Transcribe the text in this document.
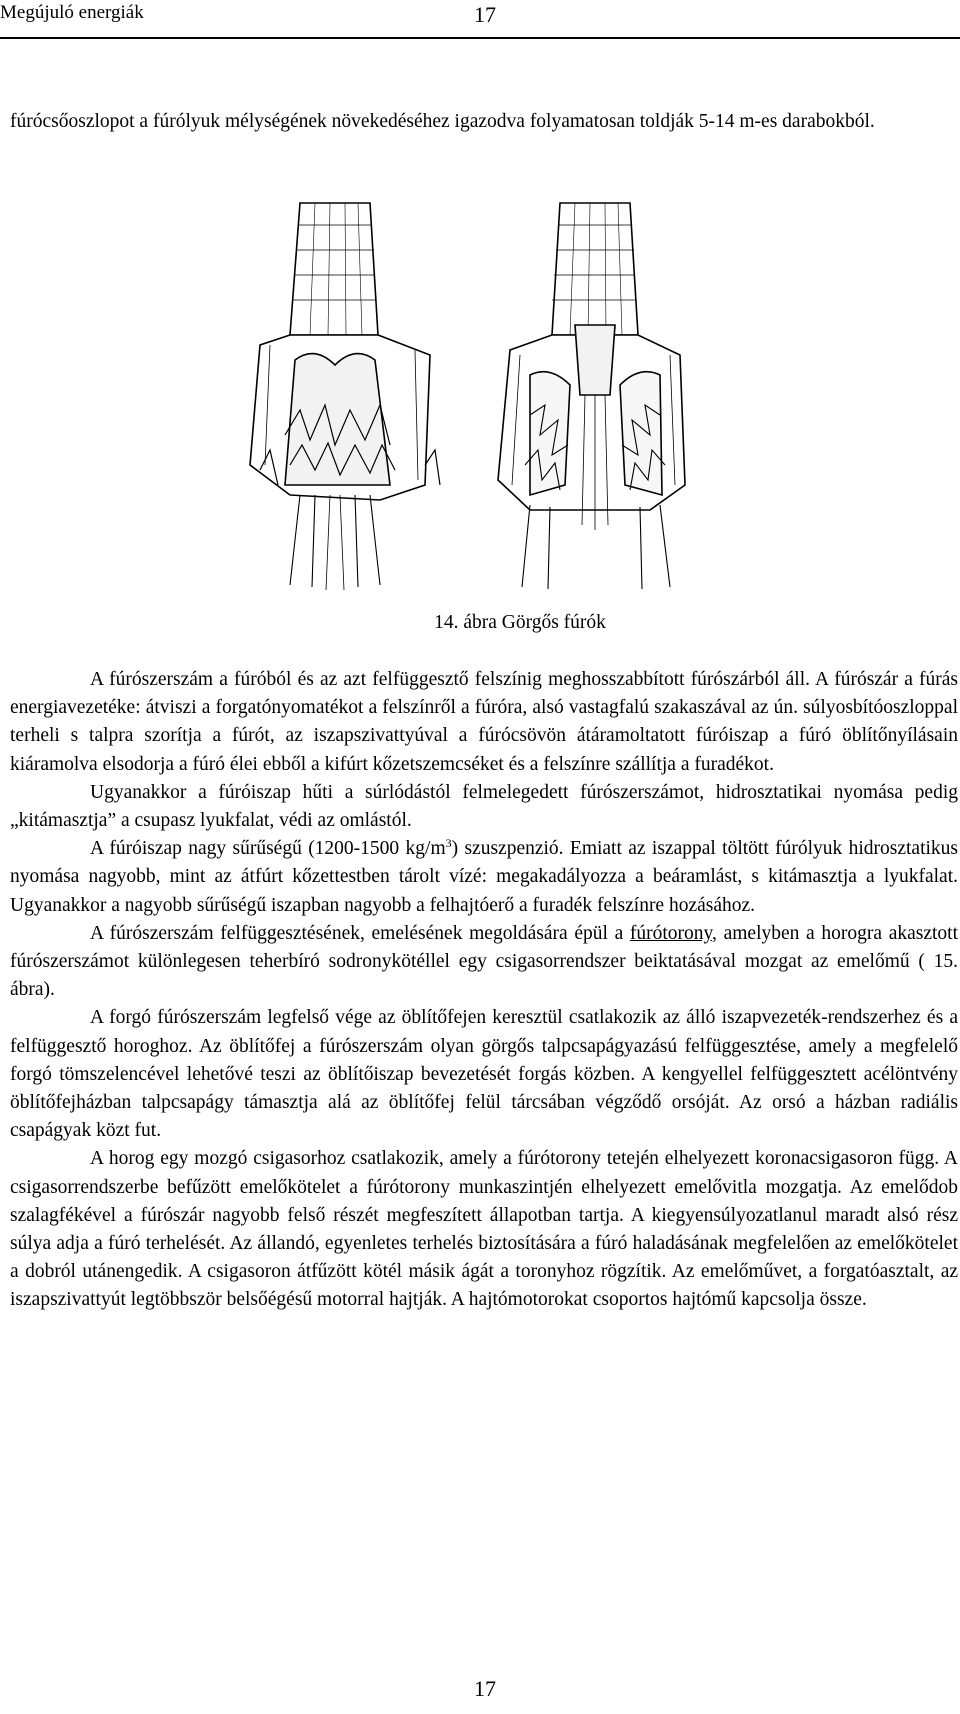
Megújuló energiák	17

fúrócsőoszlopot a fúrólyuk mélységének növekedéséhez igazodva folyamatosan toldják 5-14 m-es darabokból.

14. ábra Görgős fúrók

A fúrószerszám a fúróból és az azt felfüggesztő felszínig meghosszabbított fúrószárból áll. A fúrószár a fúrás energiavezetéke: átviszi a forgatónyomatékot a felszínről a fúróra, alsó vastagfalú szakaszával az ún. súlyosbítóoszloppal terheli s talpra szorítja a fúrót, az iszapszivattyúval a fúrócsövön átáramoltatott fúróiszap a fúró öblítőnyílásain kiáramolva elsodorja a fúró élei ebből a kifúrt kőzetszemcséket és a felszínre szállítja a furadékot.

Ugyanakkor a fúróiszap hűti a súrlódástól felmelegedett fúrószerszámot, hidrosztatikai nyomása pedig „kitámasztja” a csupasz lyukfalat, védi az omlástól.

A fúróiszap nagy sűrűségű (1200-1500 $kg/m^3$) szuszpenzió. Emiatt az iszappal töltött fúrólyuk hidrosztatikus nyomása nagyobb, mint az átfúrt kőzettestben tárolt vízé: megakadályozza a beáramlást, s kitámasztja a lyukfalat. Ugyanakkor a nagyobb sűrűségű iszapban nagyobb a felhajtóerő a furadék felszínre hozásához.

A fúrószerszám felfüggesztésének, emelésének megoldására épül a fúrótorony, amelyben a horogra akasztott fúrószerszámot különlegesen teherbíró sodronykötéllel egy csigasorrendszer beiktatásával mozgat az emelőmű ( 15. ábra).

A forgó fúrószerszám legfelső vége az öblítőfejen keresztül csatlakozik az álló iszapvezeték-rendszerhez és a felfüggesztő horoghoz. Az öblítőfej a fúrószerszám olyan görgős talpcsapágyazású felfüggesztése, amely a megfelelő forgó tömszelencével lehetővé teszi az öblítőiszap bevezetését forgás közben. A kengyellel felfüggesztett acélöntvény öblítőfejházban talpcsapágy támasztja alá az öblítőfej felül tárcsában végződő orsóját. Az orsó a házban radiális csapágyak közt fut.

A horog egy mozgó csigasorhoz csatlakozik, amely a fúrótorony tetején elhelyezett koronacsigasoron függ. A csigasorrendszerbe befűzött emelőkötelet a fúrótorony munkaszintjén elhelyezett emelővitla mozgatja. Az emelődob szalagfékével a fúrószár nagyobb felső részét megfeszített állapotban tartja. A kiegyensúlyozatlanul maradt alsó rész súlya adja a fúró terhelését. Az állandó, egyenletes terhelés biztosítására a fúró haladásának megfelelően az emelőkötelet a dobról utánengedik. A csigasoron átfűzött kötél másik ágát a toronyhoz rögzítik. Az emelőművet, a forgatóasztalt, az iszapszivattyút legtöbbször belsőégésű motorral hajtják. A hajtómotorokat csoportos hajtómű kapcsolja össze.

17
